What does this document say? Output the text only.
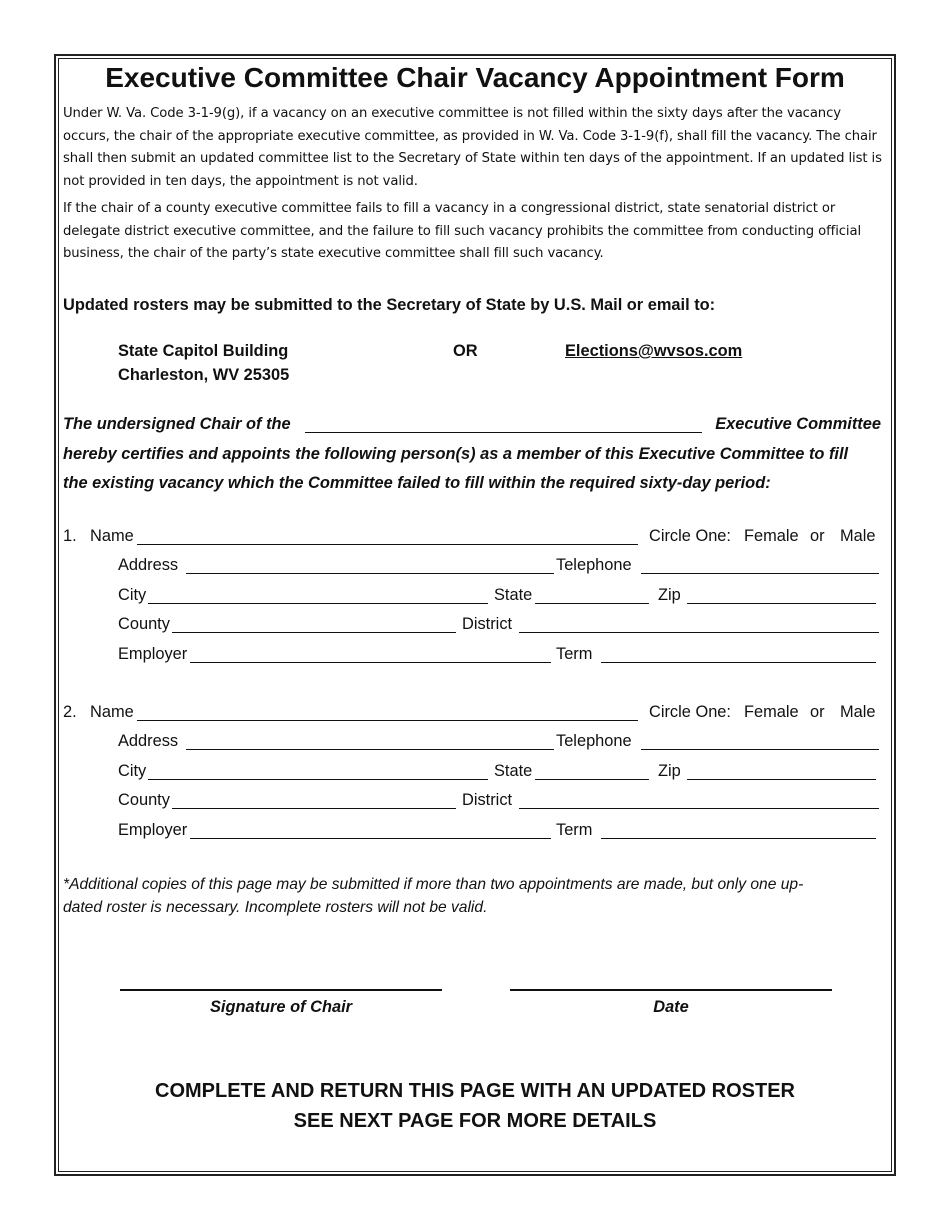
Executive Committee Chair Vacancy Appointment Form
Under W. Va. Code 3-1-9(g), if a vacancy on an executive committee is not filled within the sixty days after the vacancy occurs, the chair of the appropriate executive committee, as provided in W. Va. Code 3-1-9(f), shall fill the vacancy. The chair shall then submit an updated committee list to the Secretary of State within ten days of the appointment. If an updated list is not provided in ten days, the appointment is not valid.
If the chair of a county executive committee fails to fill a vacancy in a congressional district, state senatorial district or delegate district executive committee, and the failure to fill such vacancy prohibits the committee from conducting official business, the chair of the party’s state executive committee shall fill such vacancy.
Updated rosters may be submitted to the Secretary of State by U.S. Mail or email to:
State Capitol Building
Charleston, WV 25305
OR	Elections@wvsos.com
The undersigned Chair of the	Executive Committee
hereby certifies and appoints the following person(s) as a member of this Executive Committee to fill
the existing vacancy which the Committee failed to fill within the required sixty-day period:
1. Name	Circle One: Female or Male
Address	Telephone
City	State	Zip
County	District
Employer	Term
2. Name	Circle One: Female or Male
Address	Telephone
City	State	Zip
County	District
Employer	Term
*Additional copies of this page may be submitted if more than two appointments are made, but only one up-
dated roster is necessary. Incomplete rosters will not be valid.
Signature of Chair	Date
COMPLETE AND RETURN THIS PAGE WITH AN UPDATED ROSTER
SEE NEXT PAGE FOR MORE DETAILS
